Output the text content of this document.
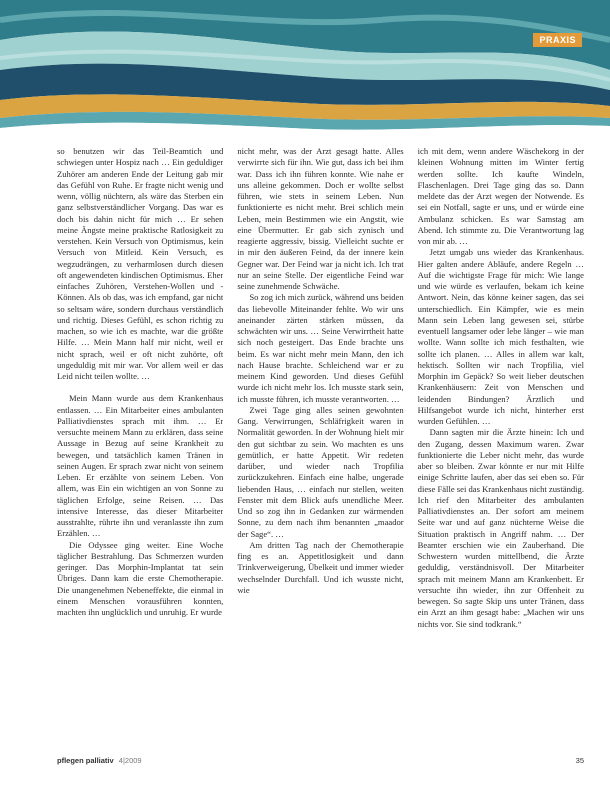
PRAXIS

so benutzen wir das Teil-Beamtich und schwiegen unter Hospiz nach … Ein geduldiger Zuhörer am anderen Ende der Leitung gab mir das Gefühl von Ruhe. Er fragte nicht wenig und wenn, völlig nüchtern, als wäre das Sterben ein ganz selbstverständlicher Vorgang. Das war es doch bis dahin nicht für mich … Er sehen meine Ängste meine praktische Ratlosigkeit zu verstehen. Kein Versuch von Optimismus, kein Versuch von Mitleid. Kein Versuch, es wegzudrängen, zu verharmlosen durch diesen oft angewendeten kindischen Optimismus. Eher einfaches Zuhören, Verstehen-Wollen und -Können. Als ob das, was ich empfand, gar nicht so seltsam wäre, sondern durchaus verständlich und richtig. Dieses Gefühl, es schon richtig zu machen, so wie ich es machte, war die größte Hilfe. … Mein Mann half mir nicht, weil er nicht sprach, weil er oft nicht zuhörte, oft ungeduldig mit mir war. Vor allem weil er das Leid nicht teilen wollte. …

Mein Mann wurde aus dem Krankenhaus entlassen. … Ein Mitarbeiter eines ambulanten Palliativdienstes sprach mit ihm. … Er versuchte meinem Mann zu erklären, dass seine Aussage in Bezug auf seine Krankheit zu bewegen, und tatsächlich kamen Tränen in seinen Augen. Er sprach zwar nicht von seinem Leben. Er erzählte von seinem Leben. Von allem, was Ein ein wichtigen an von Sonne zu täglichen Erfolge, seine Reisen. … Das intensive Interesse, das dieser Mitarbeiter ausstrahlte, rührte ihn und veranlasste ihn zum Erzählen. …

Die Odyssee ging weiter. Eine Woche täglicher Bestrahlung. Das Schmerzen wurden geringer. Das Morphin-Implantat tat sein Übriges. Dann kam die erste Chemotherapie. Die unangenehmen Nebeneffekte, die einmal in einem Menschen vorausführen konnten, machten ihn unglücklich und unruhig. Er wurde

nicht mehr, was der Arzt gesagt hatte. Alles verwirrte sich für ihn. Wie gut, dass ich bei ihm war. Dass ich ihn führen konnte. Wie nahe er uns alleine gekommen. Doch er wollte selbst führen, wie stets in seinem Leben. Nun funktionierte es nicht mehr. Brei schlich mein Leben, mein Bestimmen wie ein Angstit, wie eine Übermutter. Er gab sich zynisch und reagierte aggressiv, bissig. Vielleicht suchte er in mir den äußeren Feind, da der innere kein Gegner war. Der Feind war ja nicht ich. Ich trat nur an seine Stelle. Der eigentliche Feind war seine zunehmende Schwäche.

So zog ich mich zurück, während uns beiden das liebevolle Miteinander fehlte. Wo wir uns aneinander zärten stärken müssen, da schwächten wir uns. … Seine Verwirrtheit hatte sich noch gesteigert. Das Ende brachte uns beim. Es war nicht mehr mein Mann, den ich nach Hause brachte. Schleichend war er zu meinem Kind geworden. Und dieses Gefühl wurde ich nicht mehr los. Ich musste stark sein, ich musste führen, ich musste verantworten. …

Zwei Tage ging alles seinen gewohnten Gang. Verwirrungen, Schläfrigkeit waren in Normalität geworden. In der Wohnung hielt mir den gut sichtbar zu sein. Wo machten es uns gemütlich, er hatte Appetit. Wir redeten darüber, und wieder nach Tropfilia zurückzukehren. Einfach eine halbe, ungerade liebenden Haus, … einfach nur stellen, weiten Fenster mit dem Blick aufs unendliche Meer. Und so zog ihn in Gedanken zur wärmenden Sonne, zu dem nach ihm benannten „maador der Sage“. …

Am dritten Tag nach der Chemotherapie fing es an. Appetitlosigkeit und dann Trinkverweigerung, Übelkeit und immer wieder wechselnder Durchfall. Und ich wusste nicht, wie

ich mit dem, wenn andere Wäschekorg in der kleinen Wohnung mitten im Winter fertig werden sollte. Ich kaufte Windeln, Flaschenlagen. Drei Tage ging das so. Dann meldete das der Arzt wegen der Notwende. Es sei ein Notfall, sagte er uns, und er würde eine Ambulanz schicken. Es war Samstag am Abend. Ich stimmte zu. Die Verantwortung lag von mir ab. …

Jetzt umgab uns wieder das Krankenhaus. Hier galten andere Abläufe, andere Regeln … Auf die wichtigste Frage für mich: Wie lange und wie würde es verlaufen, bekam ich keine Antwort. Nein, das könne keiner sagen, das sei unterschiedlich. Ein Kämpfer, wie es mein Mann sein Leben lang gewesen sei, stürbe eventuell langsamer oder lebe länger – wie man wollte. Wann sollte ich mich festhalten, wie sollte ich planen. … Alles in allem war kalt, hektisch. Sollten wir nach Tropfilia, viel Morphin im Gepäck? So weit lieber deutschen Krankenhäusern: Zeit von Menschen und leidenden Bindungen? Ärztlich und Hilfsangebot wurde ich nicht, hinterher erst wurden Gefühlen. …

Dann sagten mir die Ärzte hinein: Ich und den Zugang, dessen Maximum waren. Zwar funktionierte die Leber nicht mehr, das wurde aber so bleiben. Zwar könnte er nur mit Hilfe einige Schritte laufen, aber das sei eben so. Für diese Fälle sei das Krankenhaus nicht zuständig. Ich rief den Mitarbeiter des ambulanten Palliativdienstes an. Der sofort am meinem Seite war und auf ganz nüchterne Weise die Situation praktisch in Angriff nahm. … Der Beamter erschien wie ein Zauberhand. Die Schwestern wurden mittellbend, die Ärzte geduldig, verständnisvoll. Der Mitarbeiter sprach mit meinem Mann am Krankenbett. Er versuchte ihn wieder, ihn zur Offenheit zu bewegen. So sagte Skip uns unter Tränen, dass ein Arzt an ihm gesagt habe: „Machen wir uns nichts vor. Sie sind todkrank.“

pflegen palliativ 4|2009	35
